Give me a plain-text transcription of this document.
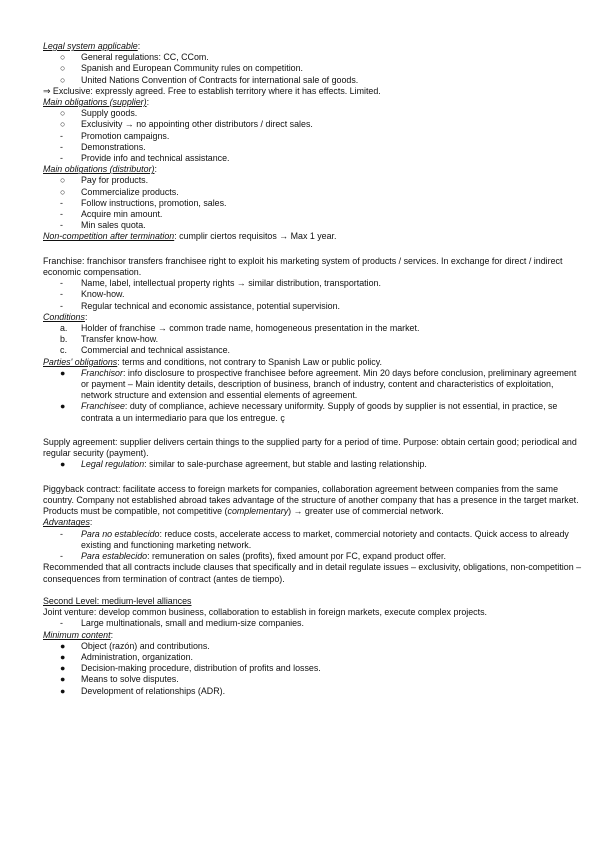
Legal system applicable:

○	General regulations: CC, CCom.
○	Spanish and European Community rules on competition.
○	United Nations Convention of Contracts for international sale of goods.

⇒ Exclusive: expressly agreed. Free to establish territory where it has effects. Limited.

Main obligations (supplier):

○	Supply goods.
○	Exclusivity → no appointing other distributors / direct sales.
-	Promotion campaigns.
-	Demonstrations.
-	Provide info and technical assistance.

Main obligations (distributor):

○	Pay for products.
○	Commercialize products.
-	Follow instructions, promotion, sales.
-	Acquire min amount.
-	Min sales quota.

Non-competition after termination: cumplir ciertos requisitos → Max 1 year.

Franchise: franchisor transfers franchisee right to exploit his marketing system of products / services. In exchange for direct / indirect economic compensation.

-	Name, label, intellectual property rights → similar distribution, transportation.
-	Know-how.
-	Regular technical and economic assistance, potential supervision.

Conditions:

a.	Holder of franchise → common trade name, homogeneous presentation in the market.
b.	Transfer know-how.
c.	Commercial and technical assistance.

Parties' obligations: terms and conditions, not contrary to Spanish Law or public policy.

●	Franchisor: info disclosure to prospective franchisee before agreement. Min 20 days before conclusion, preliminary agreement or payment – Main identity details, description of business, branch of industry, content and characteristics of exploitation, network structure and extension and essential elements of agreement.
●	Franchisee: duty of compliance, achieve necessary uniformity. Supply of goods by supplier is not essential, in practice, se contrata a un intermediario para que los entregue. ç

Supply agreement: supplier delivers certain things to the supplied party for a period of time. Purpose: obtain certain good; periodical and regular security (payment).

●	Legal regulation: similar to sale-purchase agreement, but stable and lasting relationship.

Piggyback contract: facilitate access to foreign markets for companies, collaboration agreement between companies from the same country. Company not established abroad takes advantage of the structure of another company that has a presence in the target market.

Products must be compatible, not competitive (complementary) → greater use of commercial network.

Advantages:

-	Para no establecido: reduce costs, accelerate access to market, commercial notoriety and contacts. Quick access to already existing and functioning marketing network.
-	Para establecido: remuneration on sales (profits), fixed amount por FC, expand product offer.

Recommended that all contracts include clauses that specifically and in detail regulate issues – exclusivity, obligations, non-competition – consequences from termination of contract (antes de tiempo).

Second Level: medium-level alliances

Joint venture: develop common business, collaboration to establish in foreign markets, execute complex projects.

-	Large multinationals, small and medium-size companies.

Minimum content:

●	Object (razón) and contributions.
●	Administration, organization.
●	Decision-making procedure, distribution of profits and losses.
●	Means to solve disputes.
●	Development of relationships (ADR).
